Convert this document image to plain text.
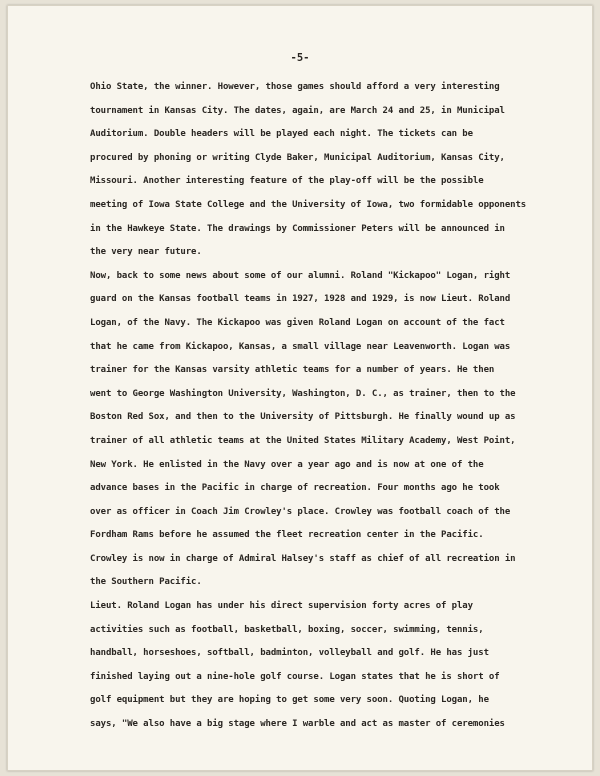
-5-
Ohio State, the winner. However, those games should afford a very interesting
tournament in Kansas City. The dates, again, are March 24 and 25, in Municipal
Auditorium. Double headers will be played each night. The tickets can be
procured by phoning or writing Clyde Baker, Municipal Auditorium, Kansas City,
Missouri. Another interesting feature of the play-off will be the possible
meeting of Iowa State College and the University of Iowa, two formidable opponents
in the Hawkeye State. The drawings by Commissioner Peters will be announced in
the very near future.
Now, back to some news about some of our alumni. Roland "Kickapoo" Logan, right
guard on the Kansas football teams in 1927, 1928 and 1929, is now Lieut. Roland
Logan, of the Navy. The Kickapoo was given Roland Logan on account of the fact
that he came from Kickapoo, Kansas, a small village near Leavenworth. Logan was
trainer for the Kansas varsity athletic teams for a number of years. He then
went to George Washington University, Washington, D. C., as trainer, then to the
Boston Red Sox, and then to the University of Pittsburgh. He finally wound up as
trainer of all athletic teams at the United States Military Academy, West Point,
New York. He enlisted in the Navy over a year ago and is now at one of the
advance bases in the Pacific in charge of recreation. Four months ago he took
over as officer in Coach Jim Crowley's place. Crowley was football coach of the
Fordham Rams before he assumed the fleet recreation center in the Pacific.
Crowley is now in charge of Admiral Halsey's staff as chief of all recreation in
the Southern Pacific.
Lieut. Roland Logan has under his direct supervision forty acres of play
activities such as football, basketball, boxing, soccer, swimming, tennis,
handball, horseshoes, softball, badminton, volleyball and golf. He has just
finished laying out a nine-hole golf course. Logan states that he is short of
golf equipment but they are hoping to get some very soon. Quoting Logan, he
says, "We also have a big stage where I warble and act as master of ceremonies
